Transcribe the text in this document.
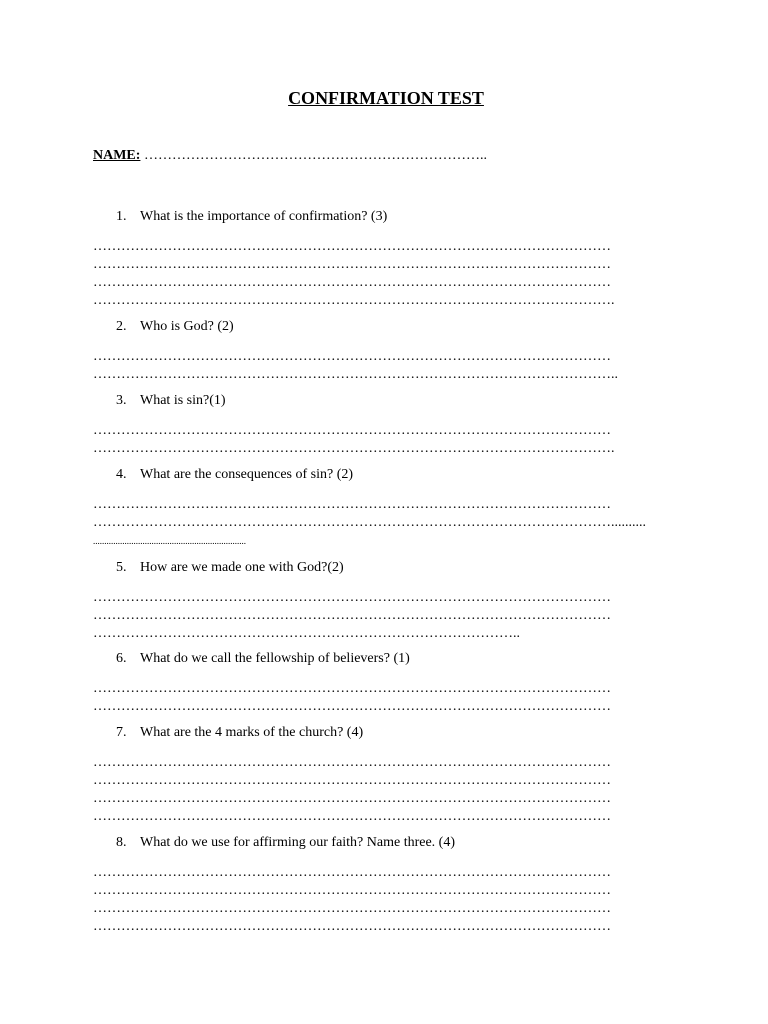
CONFIRMATION TEST
NAME: ………………………………………………………………..
1. What is the importance of confirmation? (3)
…………………………………………………………………………………………………
…………………………………………………………………………………………………
…………………………………………………………………………………………………
………………………………………………………………………………………………….
2. Who is God? (2)
…………………………………………………………………………………………………
…………………………………………………………………………………………………..
3. What is sin?(1)
…………………………………………………………………………………………………
………………………………………………………………………………………………….
4. What are the consequences of sin? (2)
…………………………………………………………………………………………………
…………………………………………………………………………………………………..........
....................................................................
5. How are we made one with God?(2)
…………………………………………………………………………………………………
…………………………………………………………………………………………………
………………………………………………………………………………..
6. What do we call the fellowship of believers? (1)
…………………………………………………………………………………………………
…………………………………………………………………………………………………
7. What are the 4 marks of the church? (4)
…………………………………………………………………………………………………
…………………………………………………………………………………………………
…………………………………………………………………………………………………
…………………………………………………………………………………………………
8. What do we use for affirming our faith? Name three. (4)
…………………………………………………………………………………………………
…………………………………………………………………………………………………
…………………………………………………………………………………………………
…………………………………………………………………………………………………
